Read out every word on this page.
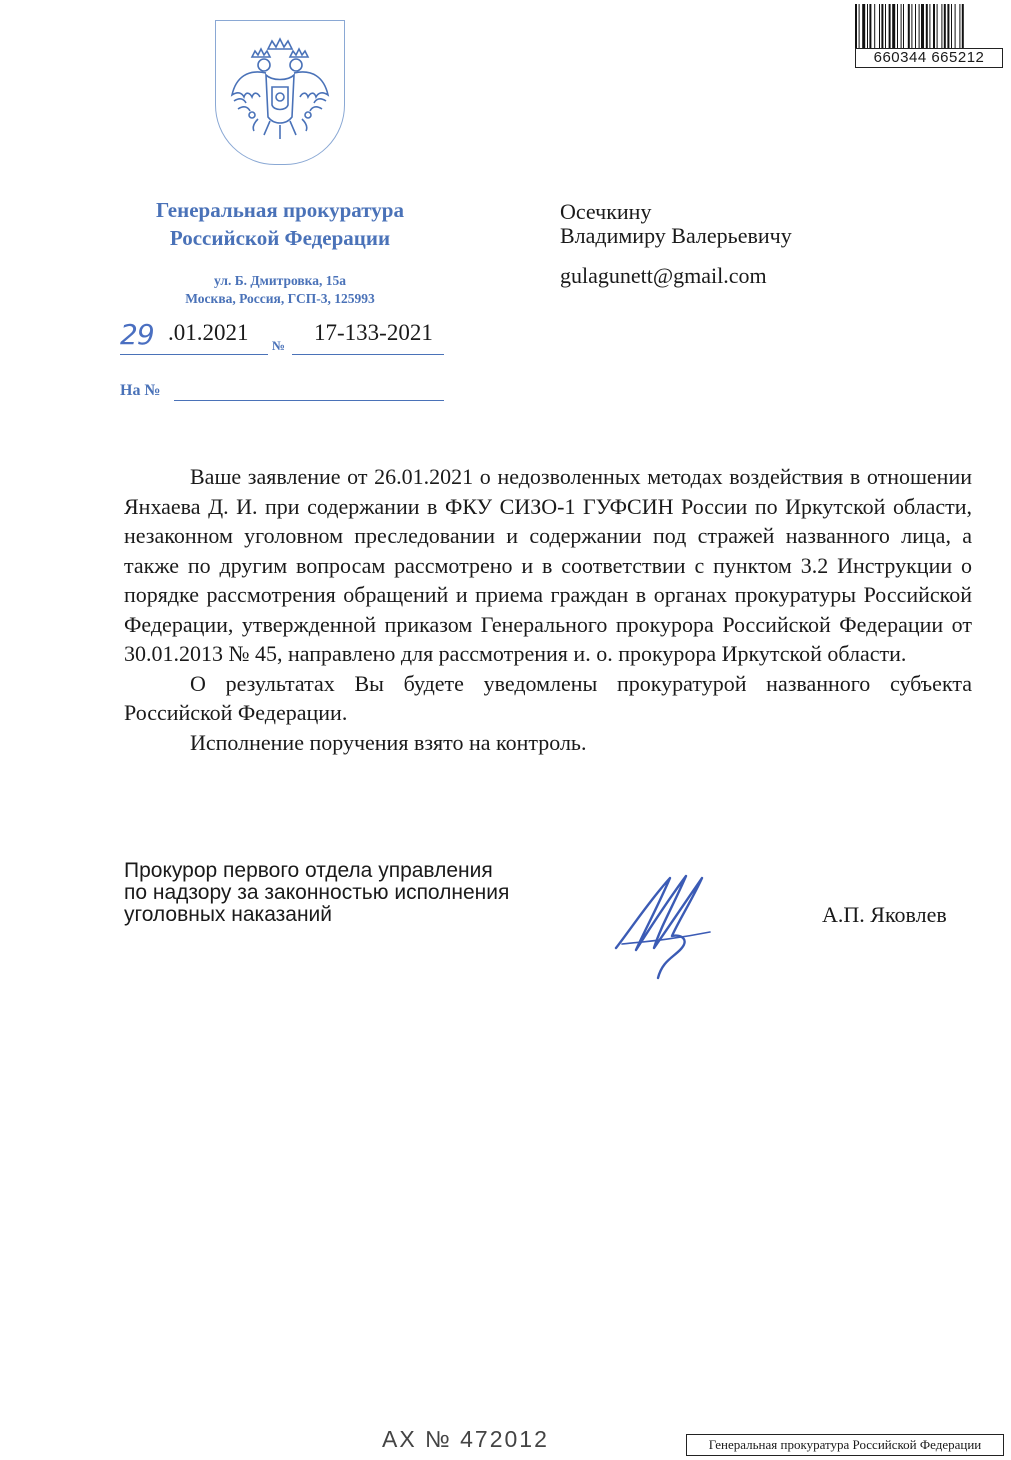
660344 665212
Генеральная прокуратура
Российской Федерации
ул. Б. Дмитровка, 15а
Москва, Россия, ГСП-3, 125993
29 .01.2021
№
17-133-2021
На №
Осечкину
Владимиру Валерьевичу
gulagunett@gmail.com

Ваше заявление от 26.01.2021 о недозволенных методах воздействия в отношении Янхаева Д. И. при содержании в ФКУ СИЗО-1 ГУФСИН России по Иркутской области, незаконном уголовном преследовании и содержании под стражей названного лица, а также по другим вопросам рассмотрено и в соответствии с пунктом 3.2 Инструкции о порядке рассмотрения обращений и приема граждан в органах прокуратуры Российской Федерации, утвержденной приказом Генерального прокурора Российской Федерации от 30.01.2013 № 45, направлено для рассмотрения и. о. прокурора Иркутской области.

О результатах Вы будете уведомлены прокуратурой названного субъекта Российской Федерации.

Исполнение поручения взято на контроль.

Прокурор первого отдела управления
по надзору за законностью исполнения
уголовных наказаний	А.П. Яковлев
АХ № 472012	Генеральная прокуратура Российской Федерации
